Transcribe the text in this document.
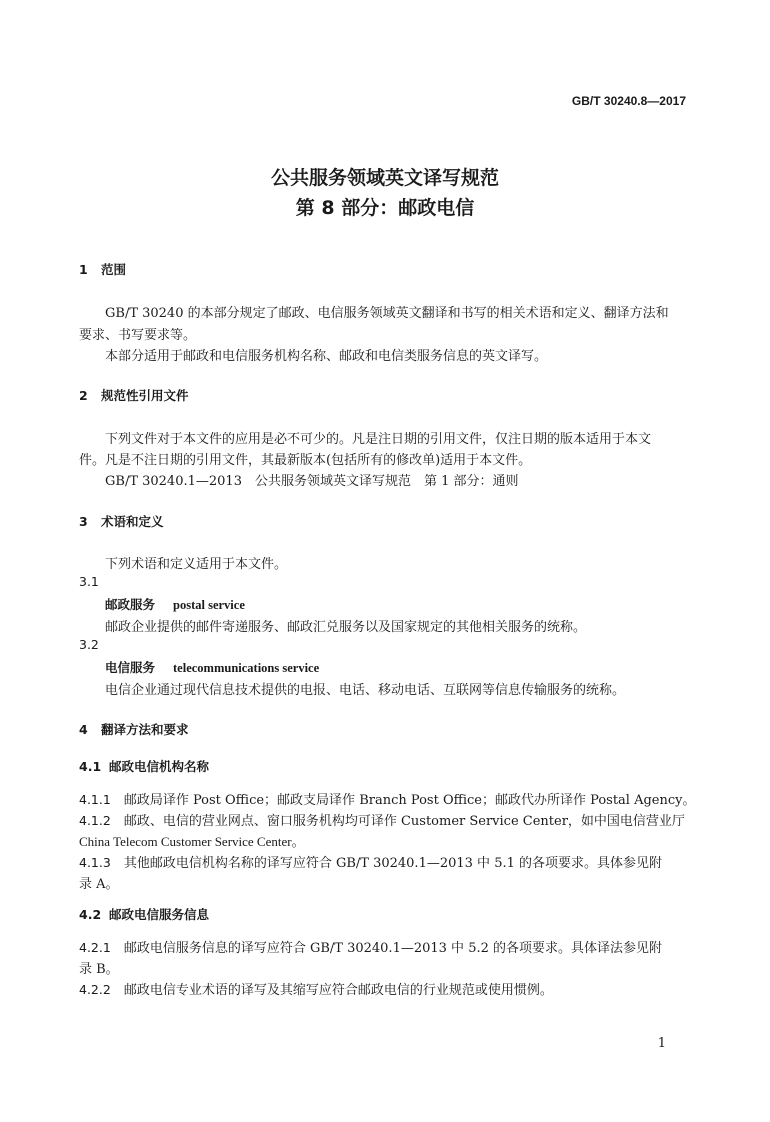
GB/T 30240.8—2017
公共服务领域英文译写规范
第 8 部分：邮政电信
1 范围
GB/T 30240 的本部分规定了邮政、电信服务领域英文翻译和书写的相关术语和定义、翻译方法和
要求、书写要求等。
本部分适用于邮政和电信服务机构名称、邮政和电信类服务信息的英文译写。
2 规范性引用文件
下列文件对于本文件的应用是必不可少的。凡是注日期的引用文件，仅注日期的版本适用于本文
件。凡是不注日期的引用文件，其最新版本(包括所有的修改单)适用于本文件。
GB/T 30240.1—2013　公共服务领域英文译写规范　第 1 部分：通则
3 术语和定义
下列术语和定义适用于本文件。
3.1
邮政服务 postal service
邮政企业提供的邮件寄递服务、邮政汇兑服务以及国家规定的其他相关服务的统称。
3.2
电信服务 telecommunications service
电信企业通过现代信息技术提供的电报、电话、移动电话、互联网等信息传输服务的统称。
4 翻译方法和要求
4.1 邮政电信机构名称
4.1.1　 邮政局译作 Post Office；邮政支局译作 Branch Post Office；邮政代办所译作 Postal Agency。
4.1.2　 邮政、电信的营业网点、窗口服务机构均可译作 Customer Service Center，如中国电信营业厅
China Telecom Customer Service Center。
4.1.3　 其他邮政电信机构名称的译写应符合 GB/T 30240.1—2013 中 5.1 的各项要求。具体参见附
录 A。
4.2 邮政电信服务信息
4.2.1　 邮政电信服务信息的译写应符合 GB/T 30240.1—2013 中 5.2 的各项要求。具体译法参见附
录 B。
4.2.2　 邮政电信专业术语的译写及其缩写应符合邮政电信的行业规范或使用惯例。
1
